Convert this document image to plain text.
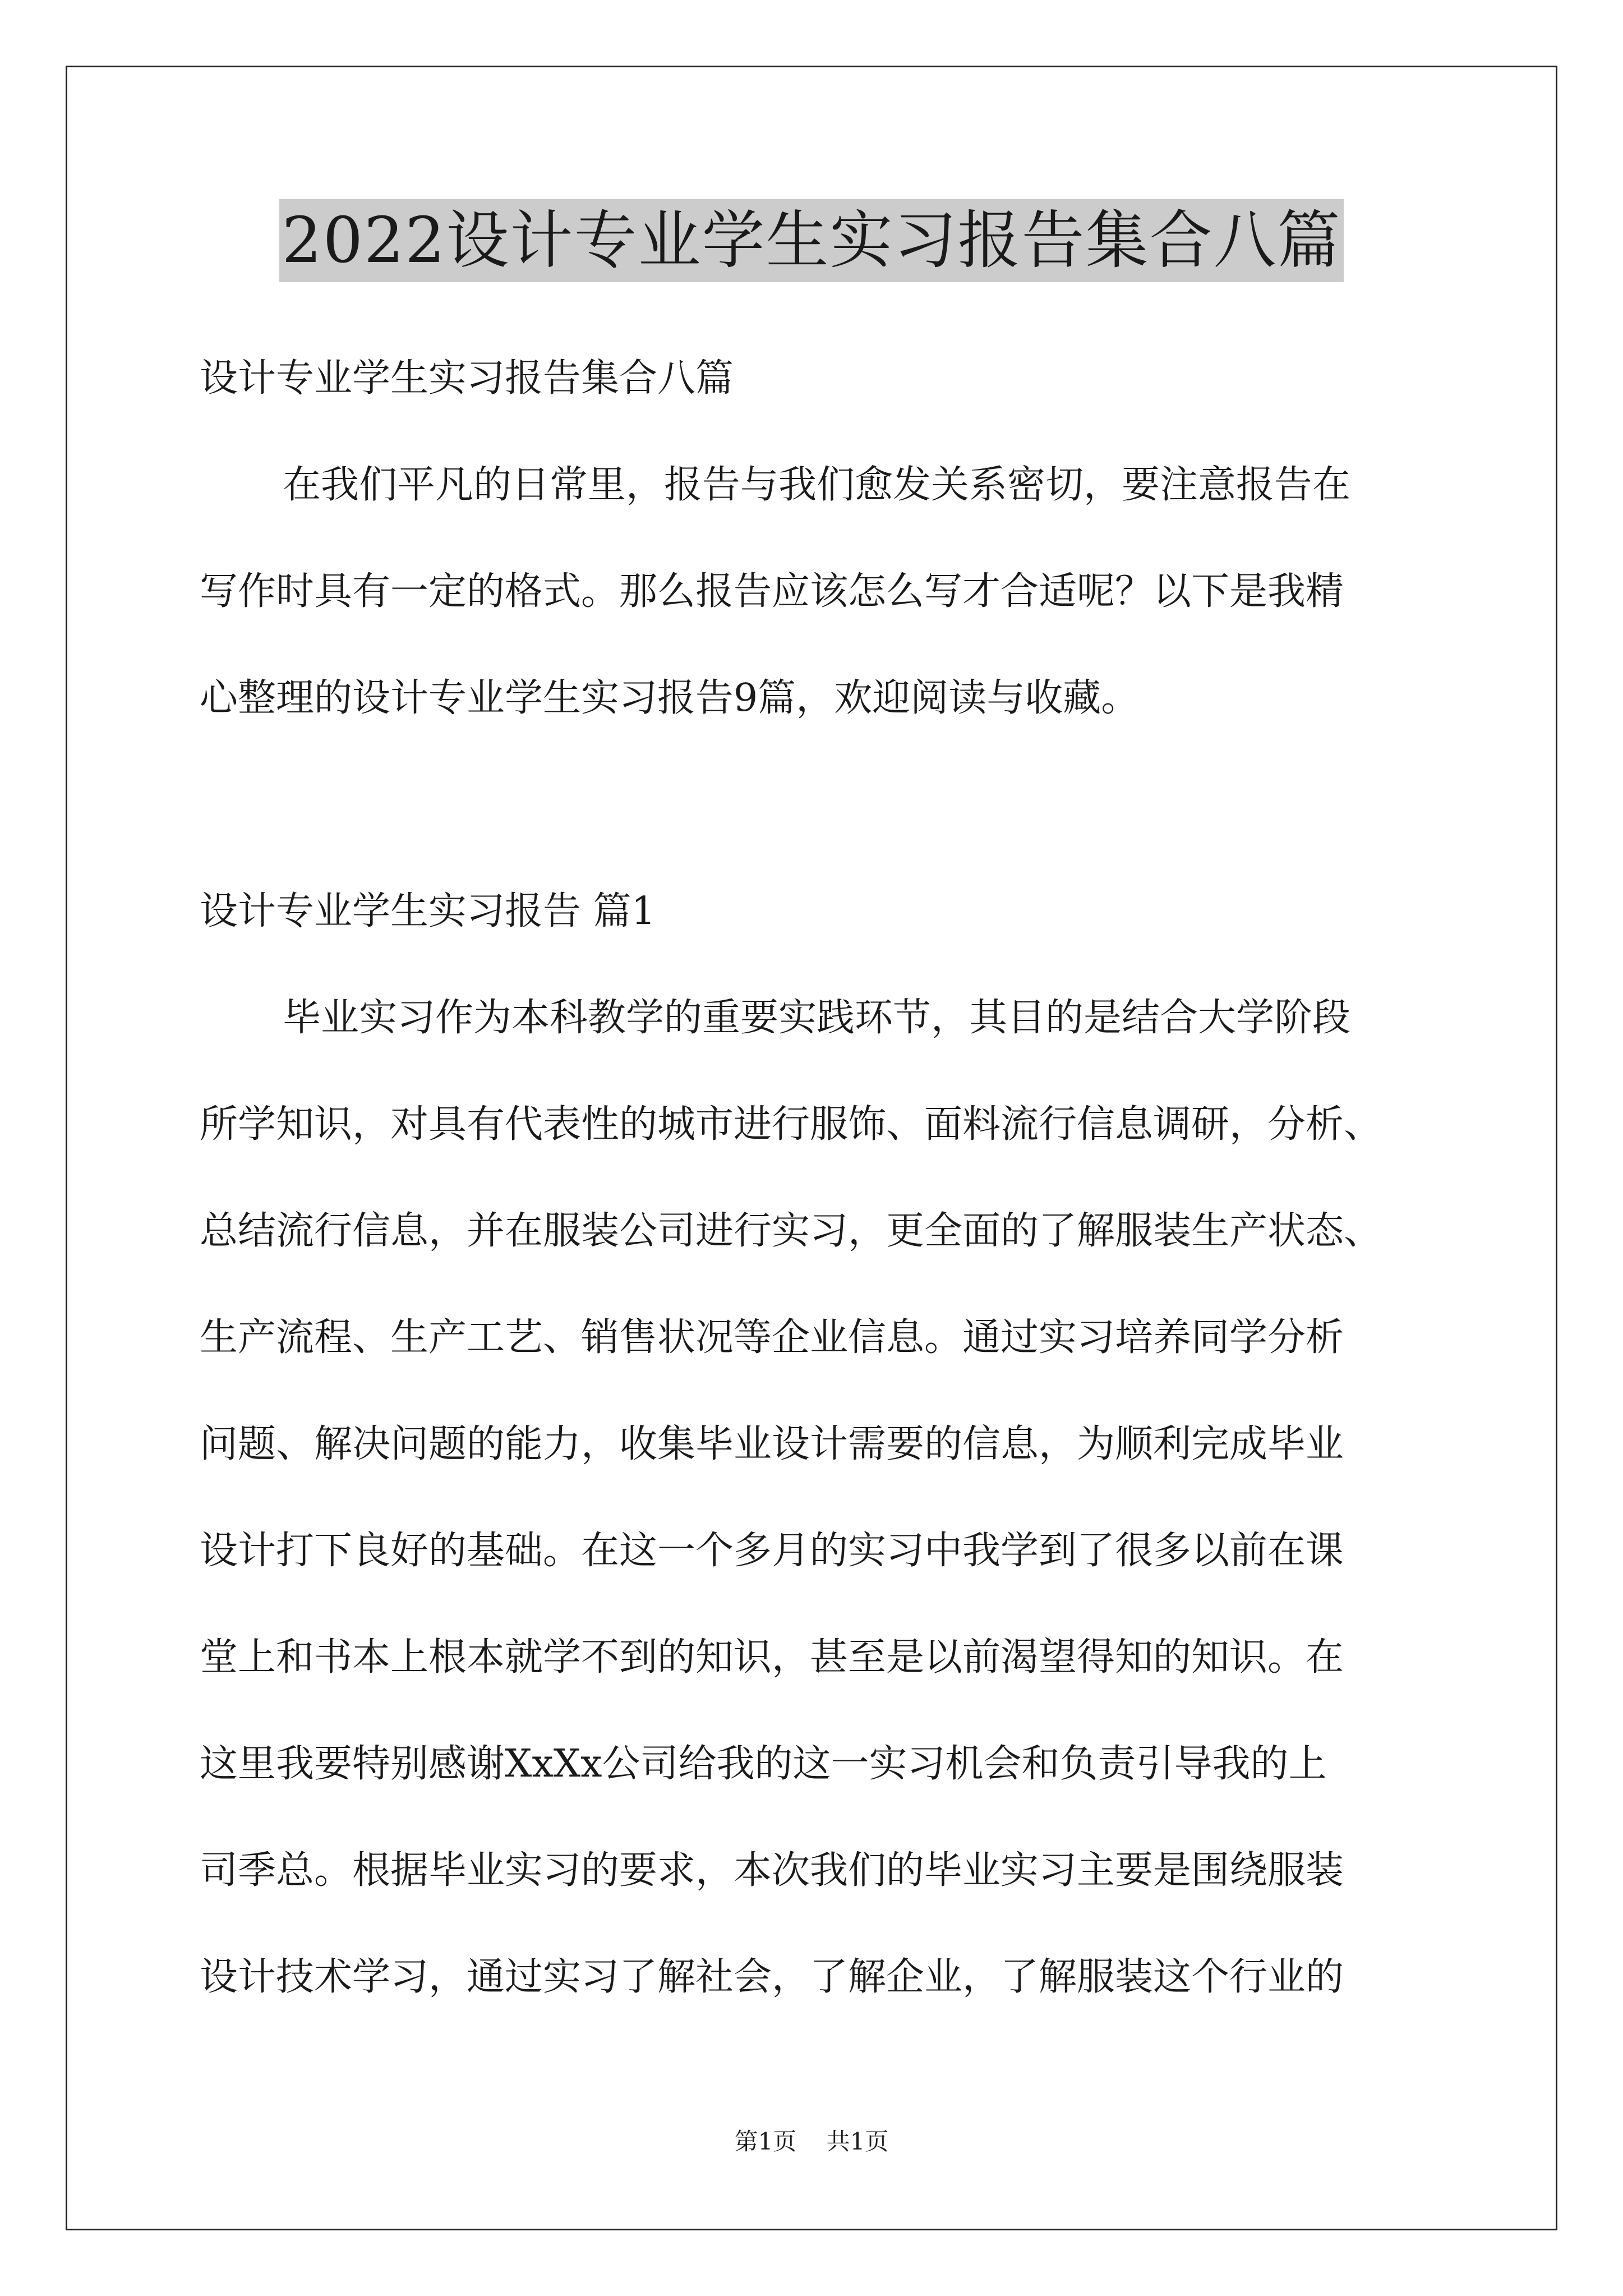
2022设计专业学生实习报告集合八篇
设计专业学生实习报告集合八篇
在我们平凡的日常里，报告与我们愈发关系密切，要注意报告在
写作时具有一定的格式。那么报告应该怎么写才合适呢？以下是我精
心整理的设计专业学生实习报告9篇，欢迎阅读与收藏。
设计专业学生实习报告 篇1
毕业实习作为本科教学的重要实践环节，其目的是结合大学阶段
所学知识，对具有代表性的城市进行服饰、面料流行信息调研，分析、
总结流行信息，并在服装公司进行实习，更全面的了解服装生产状态、
生产流程、生产工艺、销售状况等企业信息。通过实习培养同学分析
问题、解决问题的能力，收集毕业设计需要的信息，为顺利完成毕业
设计打下良好的基础。在这一个多月的实习中我学到了很多以前在课
堂上和书本上根本就学不到的知识，甚至是以前渴望得知的知识。在
这里我要特别感谢XxXx公司给我的这一实习机会和负责引导我的上
司季总。根据毕业实习的要求，本次我们的毕业实习主要是围绕服装
设计技术学习，通过实习了解社会，了解企业，了解服装这个行业的
第1页 共1页
